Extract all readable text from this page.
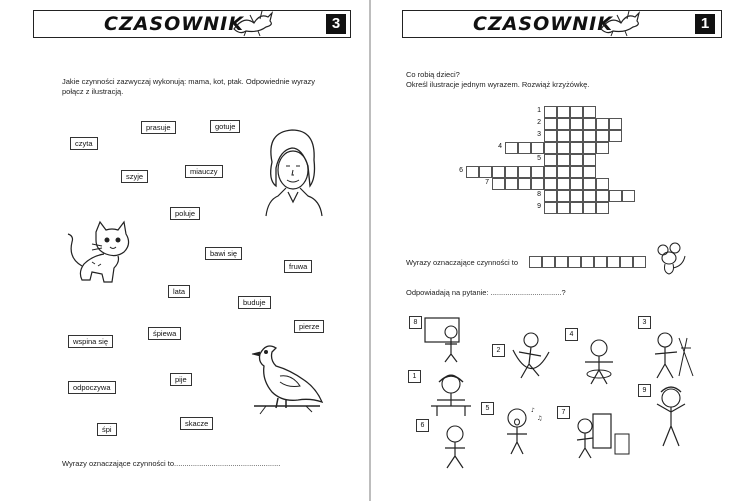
CZASOWNIK	3
Jakie czynności zazwyczaj wykonują: mama, kot, ptak. Odpowiednie wyrazy połącz z ilustracją.
prasuje	gotuje
czyta
szyje
miauczy
poluje
bawi się
fruwa
lata
buduje
pierze
śpiewa
wspina się
pije
odpoczywa
skacze
śpi
Wyrazy oznaczające czynności to...................................................
CZASOWNIK	1
Co robią dzieci?
Określ ilustracje jednym wyrazem. Rozwiąż krzyżówkę.
1
2
3
4
5
6
7
8
9
Wyrazy oznaczające czynności to
Odpowiadają na pytanie: ..................................?
8
2
4
3
1
5
7
9
6
♪
♫
